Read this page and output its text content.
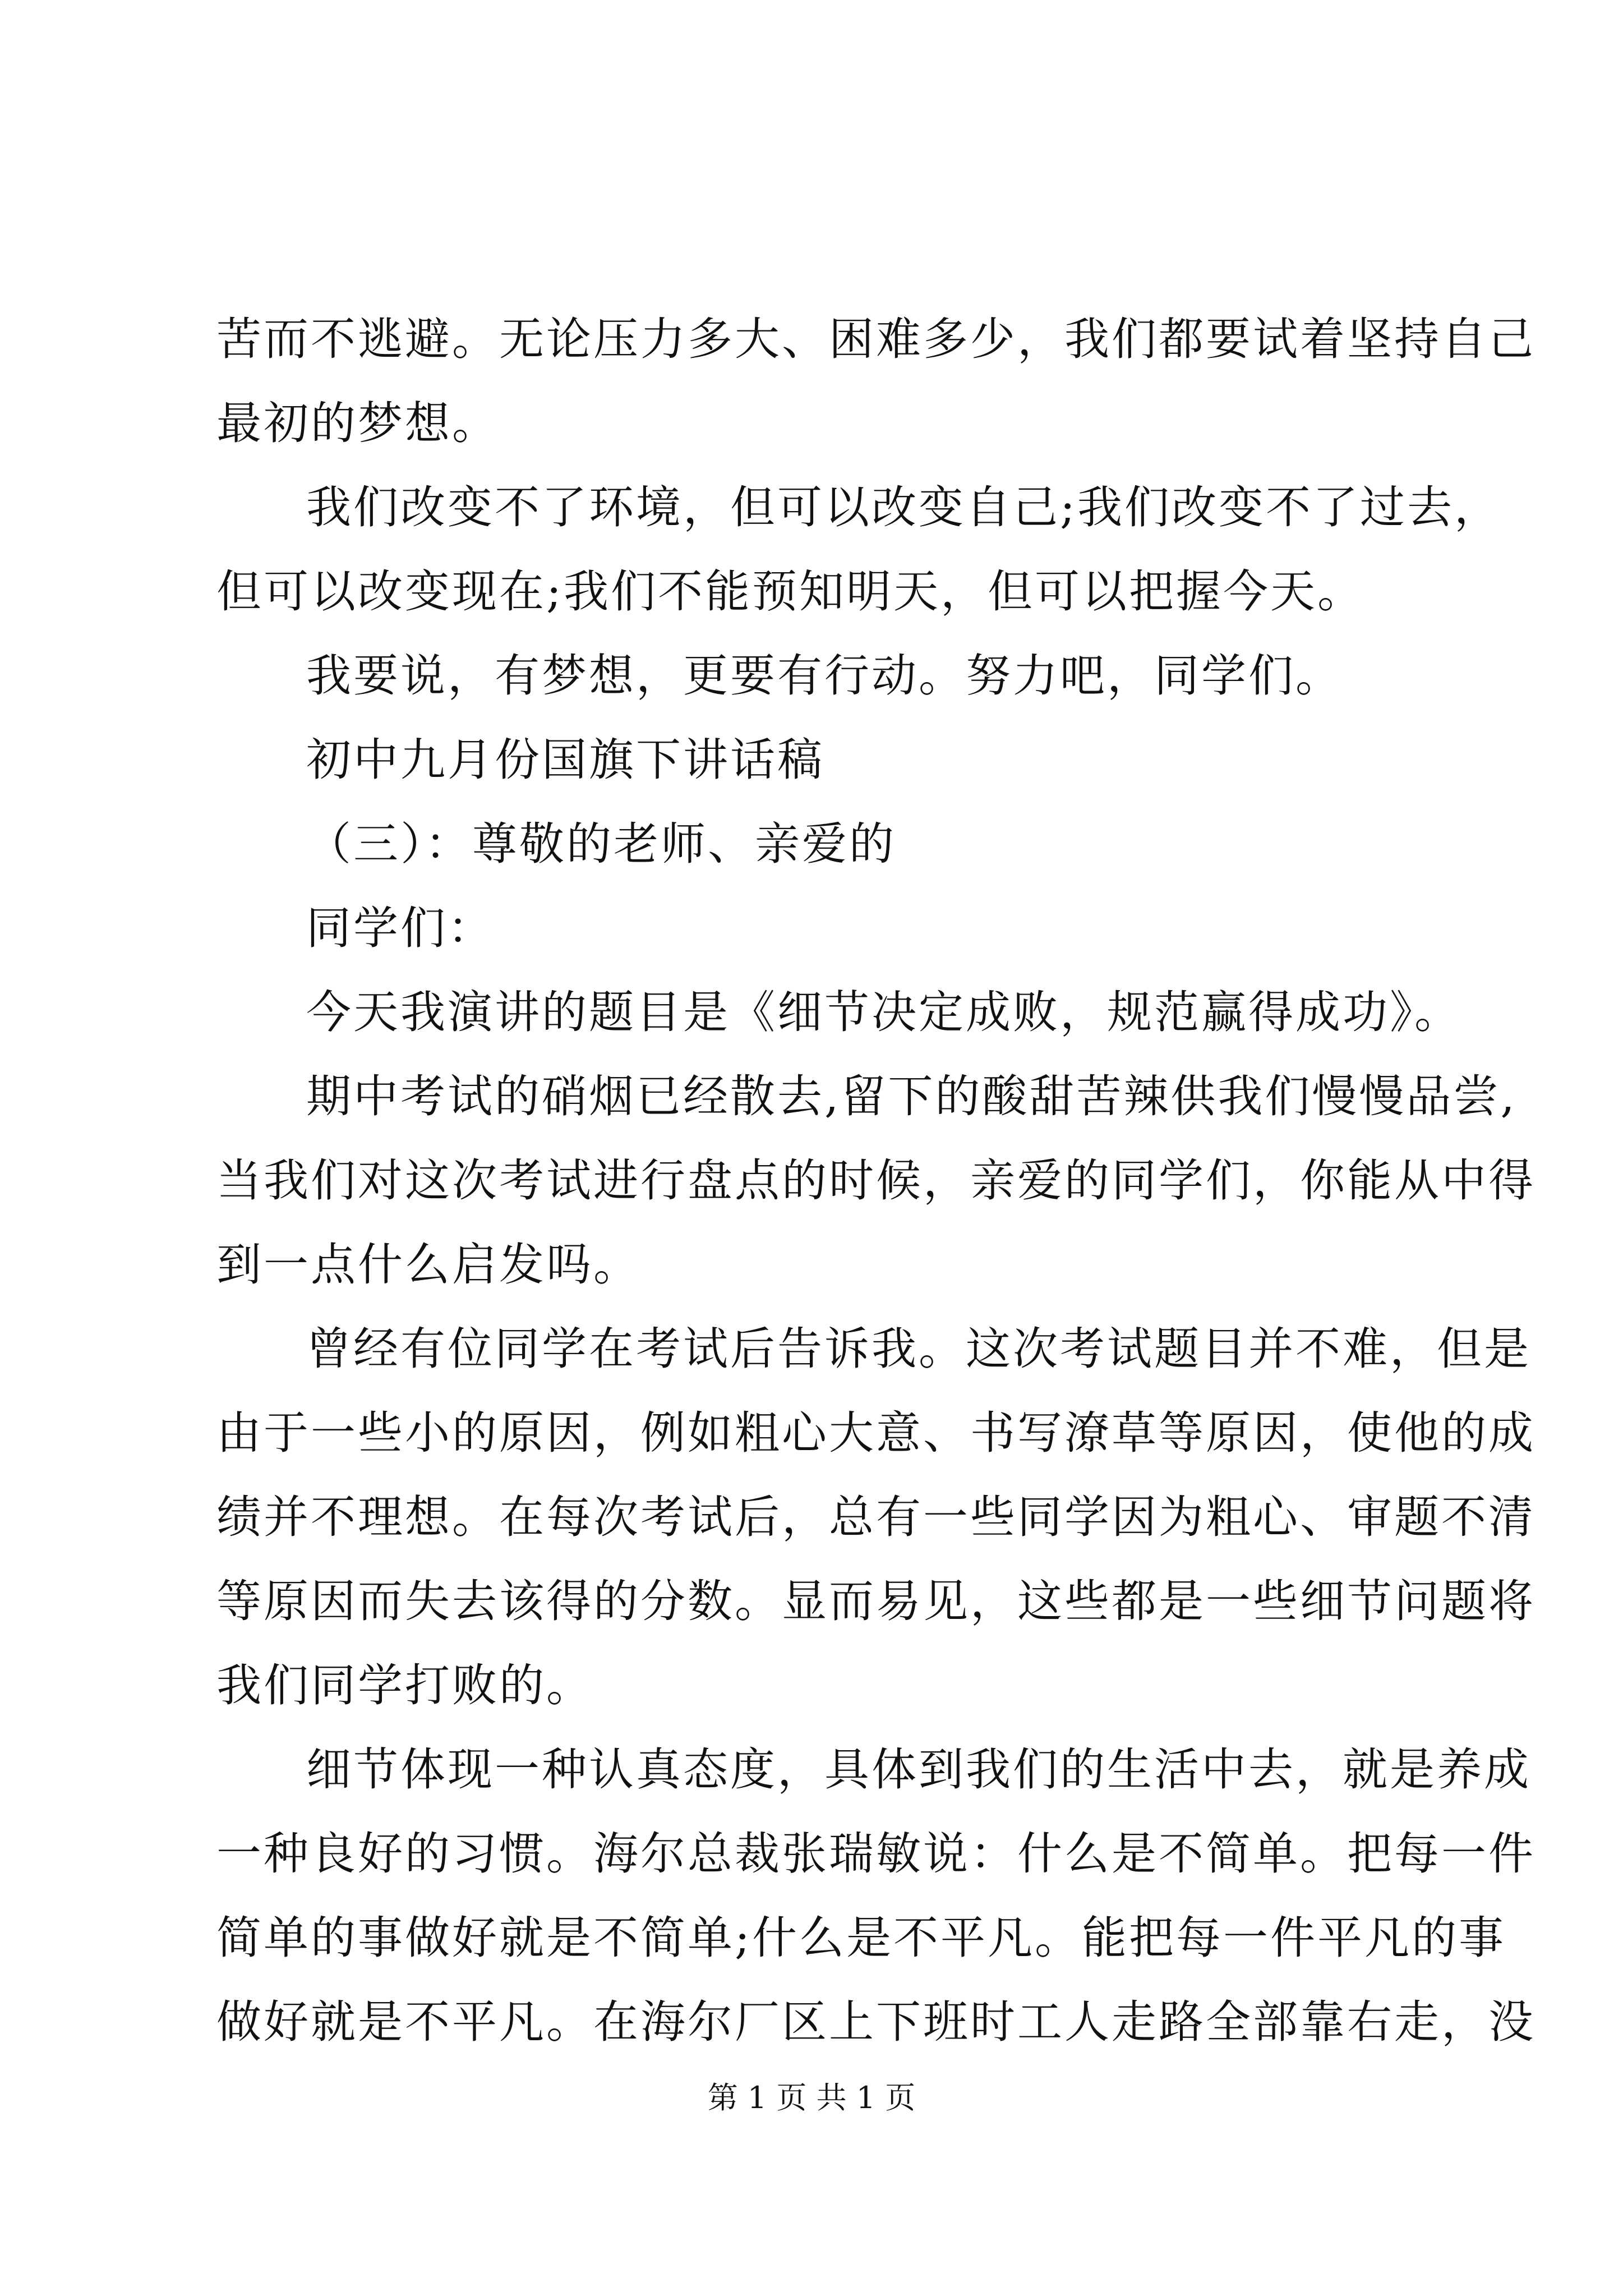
苦而不逃避。无论压力多大、困难多少，我们都要试着坚持自己
最初的梦想。
我们改变不了环境，但可以改变自己;我们改变不了过去，
但可以改变现在;我们不能预知明天，但可以把握今天。
我要说，有梦想，更要有行动。努力吧，同学们。
初中九月份国旗下讲话稿
（三）：尊敬的老师、亲爱的
同学们：
今天我演讲的题目是《细节决定成败，规范赢得成功》。
期中考试的硝烟已经散去,留下的酸甜苦辣供我们慢慢品尝,
当我们对这次考试进行盘点的时候，亲爱的同学们，你能从中得
到一点什么启发吗。
曾经有位同学在考试后告诉我。这次考试题目并不难，但是
由于一些小的原因，例如粗心大意、书写潦草等原因，使他的成
绩并不理想。在每次考试后，总有一些同学因为粗心、审题不清
等原因而失去该得的分数。显而易见，这些都是一些细节问题将
我们同学打败的。
细节体现一种认真态度，具体到我们的生活中去，就是养成
一种良好的习惯。海尔总裁张瑞敏说：什么是不简单。把每一件
简单的事做好就是不简单;什么是不平凡。能把每一件平凡的事
做好就是不平凡。在海尔厂区上下班时工人走路全部靠右走，没
第 1 页 共 1 页
